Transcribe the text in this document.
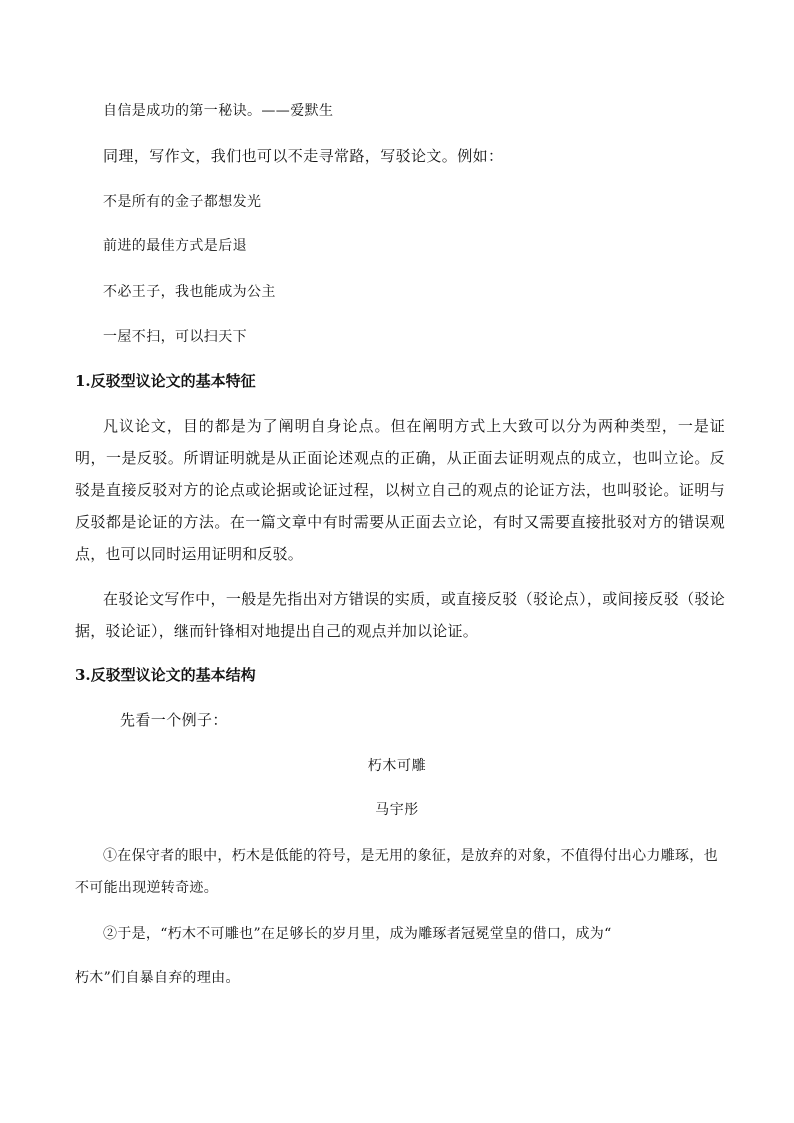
自信是成功的第一秘诀。——爱默生

同理，写作文，我们也可以不走寻常路，写驳论文。例如：

不是所有的金子都想发光

前进的最佳方式是后退

不必王子，我也能成为公主

一屋不扫，可以扫天下

1.反驳型议论文的基本特征

凡议论文，目的都是为了阐明自身论点。但在阐明方式上大致可以分为两种类型，一是证明，一是反驳。所谓证明就是从正面论述观点的正确，从正面去证明观点的成立，也叫立论。反驳是直接反驳对方的论点或论据或论证过程，以树立自己的观点的论证方法，也叫驳论。证明与反驳都是论证的方法。在一篇文章中有时需要从正面去立论，有时又需要直接批驳对方的错误观点，也可以同时运用证明和反驳。

在驳论文写作中，一般是先指出对方错误的实质，或直接反驳（驳论点），或间接反驳（驳论据，驳论证），继而针锋相对地提出自己的观点并加以论证。

3.反驳型议论文的基本结构

先看一个例子：

朽木可雕

马宇彤

①在保守者的眼中，朽木是低能的符号，是无用的象征，是放弃的对象，不值得付出心力雕琢，也不可能出现逆转奇迹。

②于是，“朽木不可雕也”在足够长的岁月里，成为雕琢者冠冕堂皇的借口，成为“

朽木”们自暴自弃的理由。
